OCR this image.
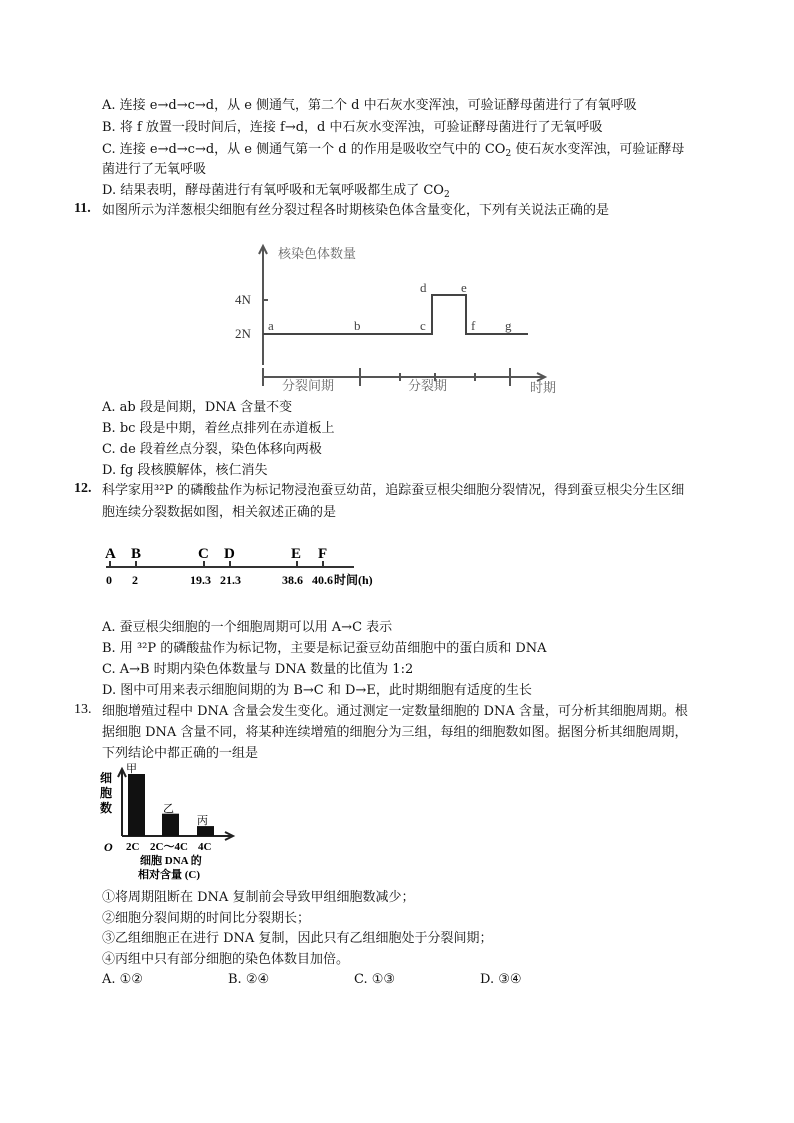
A. 连接 e→d→c→d，从 e 侧通气，第二个 d 中石灰水变浑浊，可验证酵母菌进行了有氧呼吸
B. 将 f 放置一段时间后，连接 f→d，d 中石灰水变浑浊，可验证酵母菌进行了无氧呼吸
C. 连接 e→d→c→d，从 e 侧通气第一个 d 的作用是吸收空气中的 $CO_2$ 使石灰水变浑浊，可验证酵母
菌进行了无氧呼吸
D. 结果表明，酵母菌进行有氧呼吸和无氧呼吸都生成了 $CO_2$
11. 如图所示为洋葱根尖细胞有丝分裂过程各时期核染色体含量变化，下列有关说法正确的是
核染色体数量
4N
2N
a	b	c
d	e
f g
分裂间期	分裂期	时期
A. ab 段是间期，DNA 含量不变
B. bc 段是中期，着丝点排列在赤道板上
C. de 段着丝点分裂，染色体移向两极
D. fg 段核膜解体，核仁消失
12. 科学家用³²P 的磷酸盐作为标记物浸泡蚕豆幼苗，追踪蚕豆根尖细胞分裂情况，得到蚕豆根尖分生区细
胞连续分裂数据如图，相关叙述正确的是
A B	C D	E F
0 2	19.3 21.3	38.6 40.6 时间(h)
A. 蚕豆根尖细胞的一个细胞周期可以用 A→C 表示
B. 用 ³²P 的磷酸盐作为标记物，主要是标记蚕豆幼苗细胞中的蛋白质和 DNA
C. A→B 时期内染色体数量与 DNA 数量的比值为 1:2
D. 图中可用来表示细胞间期的为 B→C 和 D→E，此时期细胞有适度的生长
13. 细胞增殖过程中 DNA 含量会发生变化。通过测定一定数量细胞的 DNA 含量，可分析其细胞周期。根
据细胞 DNA 含量不同，将某种连续增殖的细胞分为三组，每组的细胞数如图。据图分析其细胞周期，
下列结论中都正确的一组是
细
胞
数
O
甲
乙
丙
2C 2C～4C 4C
细胞 DNA 的
相对含量 (C)
①将周期阻断在 DNA 复制前会导致甲组细胞数减少；
②细胞分裂间期的时间比分裂期长；
③乙组细胞正在进行 DNA 复制，因此只有乙组细胞处于分裂间期；
④丙组中只有部分细胞的染色体数目加倍。
A. ①②	B. ②④	C. ①③	D. ③④
